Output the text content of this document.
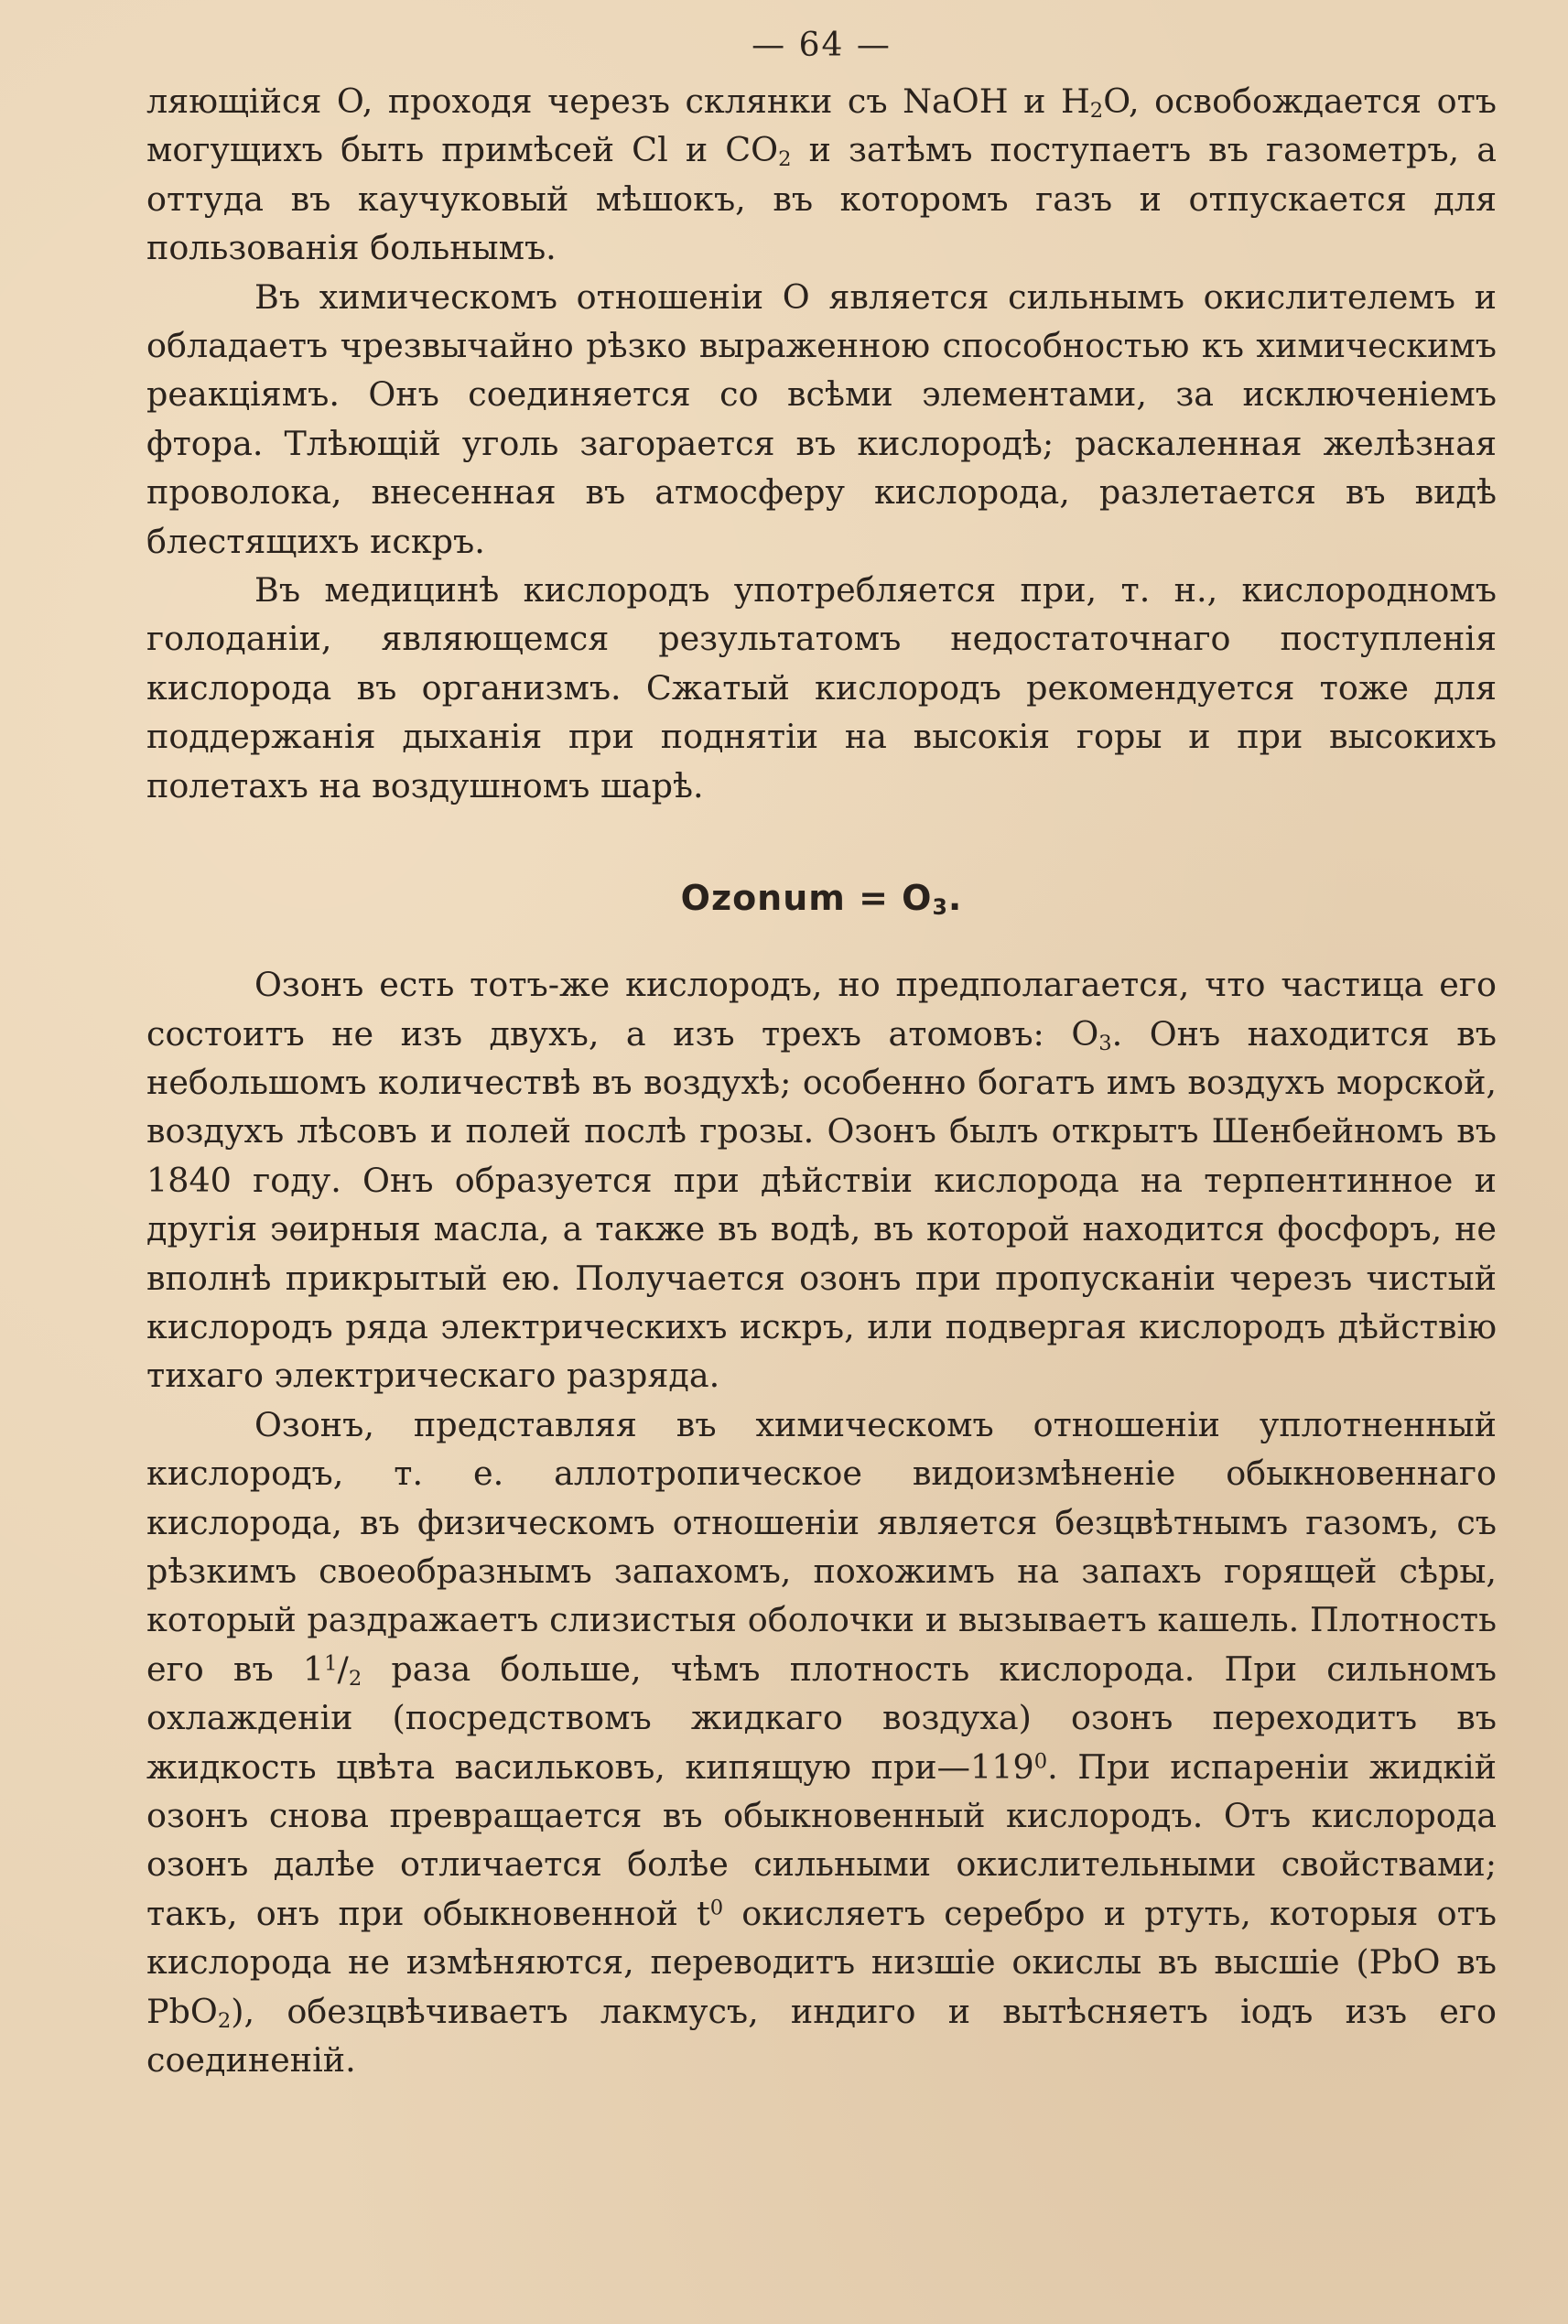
— 64 —

ляющійся O, проходя черезъ склянки съ NaOH и $H_2O$, освобождается отъ могущихъ быть примѣсей Cl и $CO_2$ и затѣмъ поступаетъ въ газометръ, а оттуда въ каучуковый мѣшокъ, въ которомъ газъ и отпускается для пользованія больнымъ.

Въ химическомъ отношеніи O является сильнымъ окислителемъ и обладаетъ чрезвычайно рѣзко выраженною способностью къ химическимъ реакціямъ. Онъ соединяется со всѣми элементами, за исключеніемъ фтора. Тлѣющій уголь загорается въ кислородѣ; раскаленная желѣзная проволока, внесенная въ атмосферу кислорода, разлетается въ видѣ блестящихъ искръ.

Въ медицинѣ кислородъ употребляется при, т. н., кислородномъ голоданіи, являющемся результатомъ недостаточнаго поступленія кислорода въ организмъ. Сжатый кислородъ рекомендуется тоже для поддержанія дыханія при поднятіи на высокія горы и при высокихъ полетахъ на воздушномъ шарѣ.

Ozonum = $O_3$.

Озонъ есть тотъ-же кислородъ, но предполагается, что частица его состоитъ не изъ двухъ, а изъ трехъ атомовъ: $O_3$. Онъ находится въ небольшомъ количествѣ въ воздухѣ; особенно богатъ имъ воздухъ морской, воздухъ лѣсовъ и полей послѣ грозы. Озонъ былъ открытъ Шенбейномъ въ 1840 году. Онъ образуется при дѣйствіи кислорода на терпентинное и другія эѳирныя масла, а также въ водѣ, въ которой находится фосфоръ, не вполнѣ прикрытый ею. Получается озонъ при пропусканіи черезъ чистый кислородъ ряда электрическихъ искръ, или подвергая кислородъ дѣйствію тихаго электрическаго разряда.

Озонъ, представляя въ химическомъ отношеніи уплотненный кислородъ, т. е. аллотропическое видоизмѣненіе обыкновеннаго кислорода, въ физическомъ отношеніи является безцвѣтнымъ газомъ, съ рѣзкимъ своеобразнымъ запахомъ, похожимъ на запахъ горящей сѣры, который раздражаетъ слизистыя оболочки и вызываетъ кашель. Плотность его въ $1^1/_2$ раза больше, чѣмъ плотность кислорода. При сильномъ охлажденіи (посредствомъ жидкаго воздуха) озонъ переходитъ въ жидкость цвѣта васильковъ, кипящую $при—119^0$. При испареніи жидкій озонъ снова превращается въ обыкновенный кислородъ. Отъ кислорода озонъ далѣе отличается болѣе сильными окислительными свойствами; такъ, онъ при обыкновенной $t^0$ окисляетъ серебро и ртуть, которыя отъ кислорода не измѣняются, переводитъ низшіе окислы въ высшіе (PbO въ PbO$_2$), обезцвѣчиваетъ лакмусъ, индиго и вытѣсняетъ іодъ изъ его соединеній.
